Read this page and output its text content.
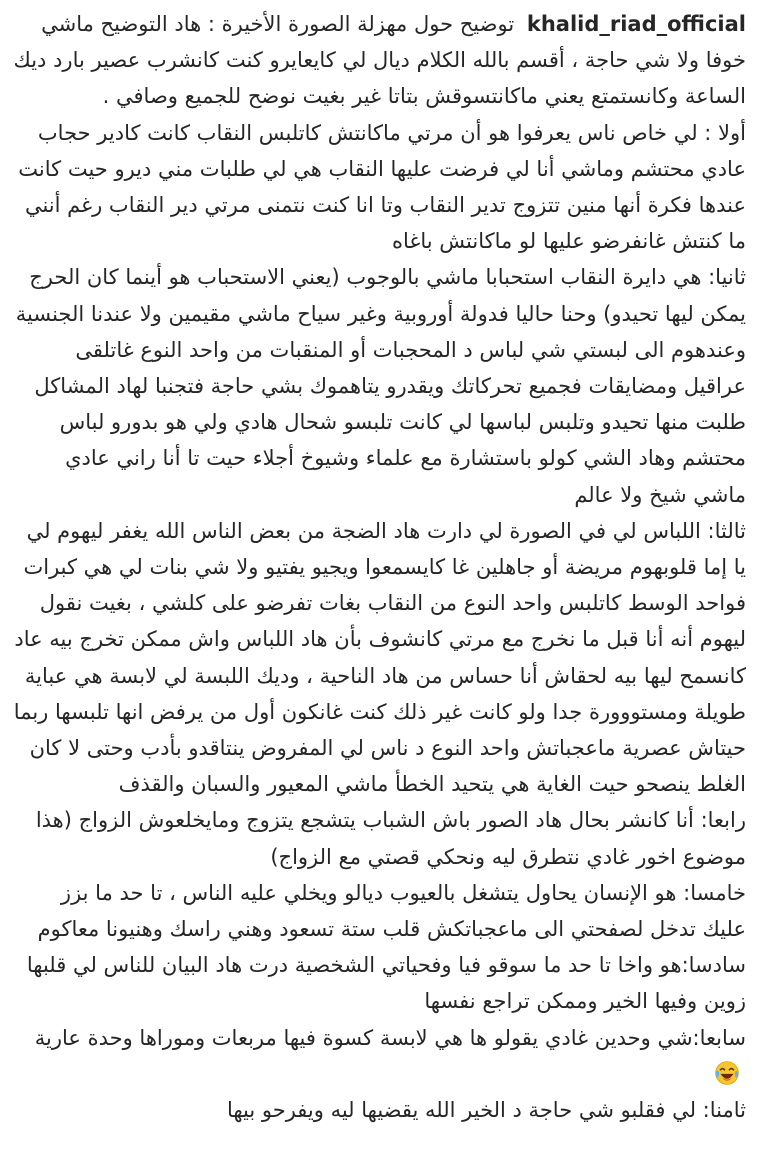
khalid_riad_official توضيح حول مهزلة الصورة الأخيرة : هاد التوضيح ماشي خوفا ولا شي حاجة ، أقسم بالله الكلام ديال لي كايعايرو كنت كانشرب عصير بارد ديك الساعة وكانستمتع يعني ماكانتسوقش بتاتا غير بغيت نوضح للجميع وصافي .

أولا : لي خاص ناس يعرفوا هو أن مرتي ماكانتش كاتلبس النقاب كانت كادير حجاب عادي محتشم وماشي أنا لي فرضت عليها النقاب هي لي طلبات مني ديرو حيت كانت عندها فكرة أنها منين تتزوج تدير النقاب وتا انا كنت نتمنى مرتي دير النقاب رغم أنني ما كنتش غانفرضو عليها لو ماكانتش باغاه

ثانيا: هي دايرة النقاب استحبابا ماشي بالوجوب (يعني الاستحباب هو أينما كان الحرج يمكن ليها تحيدو) وحنا حاليا فدولة أوروبية وغير سياح ماشي مقيمين ولا عندنا الجنسية وعندهوم الى لبستي شي لباس د المحجبات أو المنقبات من واحد النوع غاتلقى عراقيل ومضايقات فجميع تحركاتك ويقدرو يتاهموك بشي حاجة فتجنبا لهاد المشاكل طلبت منها تحيدو وتلبس لباسها لي كانت تلبسو شحال هادي ولي هو بدورو لباس محتشم وهاد الشي كولو باستشارة مع علماء وشيوخ أجلاء حيت تا أنا راني عادي ماشي شيخ ولا عالم

ثالثا: اللباس لي في الصورة لي دارت هاد الضجة من بعض الناس الله يغفر ليهوم لي يا إما قلوبهوم مريضة أو جاهلين غا كايسمعوا ويجيو يفتيو ولا شي بنات لي هي كبرات فواحد الوسط كاتلبس واحد النوع من النقاب بغات تفرضو على كلشي ، بغيت نقول ليهوم أنه أنا قبل ما نخرج مع مرتي كانشوف بأن هاد اللباس واش ممكن تخرج بيه عاد كانسمح ليها بيه لحقاش أنا حساس من هاد الناحية ، وديك اللبسة لي لابسة هي عباية طويلة ومستووورة جدا ولو كانت غير ذلك كنت غانكون أول من يرفض انها تلبسها ربما حيتاش عصرية ماعجباتش واحد النوع د ناس لي المفروض ينتاقدو بأدب وحتى لا كان الغلط ينصحو حيت الغاية هي يتحيد الخطأ ماشي المعيور والسبان والقذف

رابعا: أنا كانشر بحال هاد الصور باش الشباب يتشجع يتزوج ومايخلعوش الزواج (هذا موضوع اخور غادي نتطرق ليه ونحكي قصتي مع الزواج)

خامسا: هو الإنسان يحاول يتشغل بالعيوب ديالو ويخلي عليه الناس ، تا حد ما بزز عليك تدخل لصفحتي الى ماعجباتكش قلب ستة تسعود وهني راسك وهنيونا معاكوم

سادسا:هو واخا تا حد ما سوقو فيا وفحياتي الشخصية درت هاد البيان للناس لي قلبها زوين وفيها الخير وممكن تراجع نفسها

سابعا:شي وحدين غادي يقولو ها هي لابسة كسوة فيها مربعات وموراها وحدة عارية

ثامنا: لي فقلبو شي حاجة د الخير الله يقضيها ليه ويفرحو بيها
